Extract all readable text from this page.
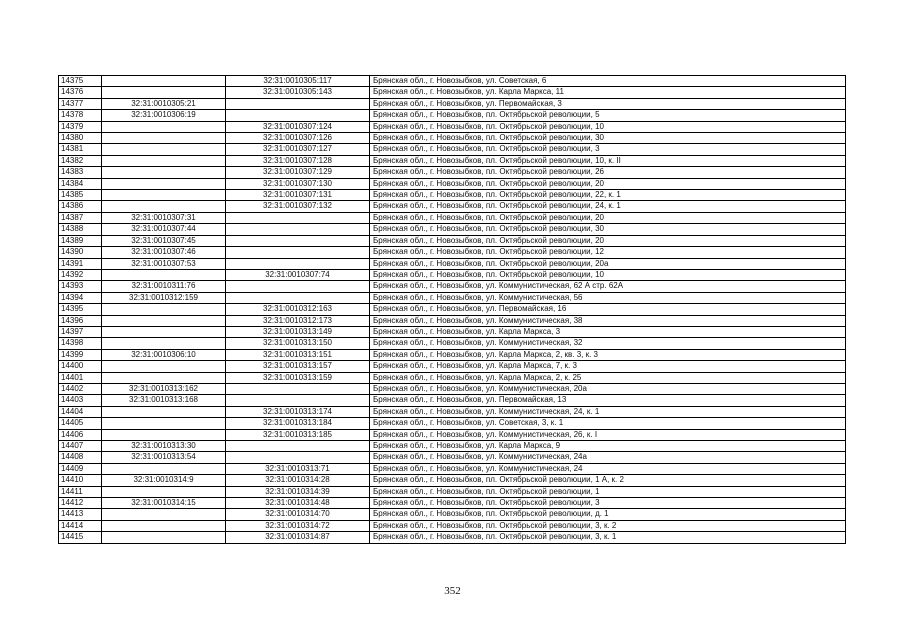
14375		32:31:0010305:117	Брянская обл., г. Новозыбков, ул. Советская, 6
14376		32:31:0010305:143	Брянская обл., г. Новозыбков, ул. Карла Маркса, 11
14377	32:31:0010305:21		Брянская обл., г. Новозыбков, ул. Первомайская, 3
14378	32:31:0010306:19		Брянская обл., г. Новозыбков, пл. Октябрьской революции, 5
14379		32:31:0010307:124	Брянская обл., г. Новозыбков, пл. Октябрьской революции, 10
14380		32:31:0010307:126	Брянская обл., г. Новозыбков, пл. Октябрьской революции, 30
14381		32:31:0010307:127	Брянская обл., г. Новозыбков, пл. Октябрьской революции, 3
14382		32:31:0010307:128	Брянская обл., г. Новозыбков, пл. Октябрьской революции, 10, к. II
14383		32:31:0010307:129	Брянская обл., г. Новозыбков, пл. Октябрьской революции, 26
14384		32:31:0010307:130	Брянская обл., г. Новозыбков, пл. Октябрьской революции, 20
14385		32:31:0010307:131	Брянская обл., г. Новозыбков, пл. Октябрьской революции, 22, к. 1
14386		32:31:0010307:132	Брянская обл., г. Новозыбков, пл. Октябрьской революции, 24, к. 1
14387	32:31:0010307:31		Брянская обл., г. Новозыбков, пл. Октябрьской революции, 20
14388	32:31:0010307:44		Брянская обл., г. Новозыбков, пл. Октябрьской революции, 30
14389	32:31:0010307:45		Брянская обл., г. Новозыбков, пл. Октябрьской революции, 20
14390	32:31:0010307:46		Брянская обл., г. Новозыбков, пл. Октябрьской революции, 12
14391	32:31:0010307:53		Брянская обл., г. Новозыбков, пл. Октябрьской революции, 20а
14392		32:31:0010307:74	Брянская обл., г. Новозыбков, пл. Октябрьской революции, 10
14393	32:31:0010311:76		Брянская обл., г. Новозыбков, ул. Коммунистическая, 62 А стр. 62А
14394	32:31:0010312:159		Брянская обл., г. Новозыбков, ул. Коммунистическая, 56
14395		32:31:0010312:163	Брянская обл., г. Новозыбков, ул. Первомайская, 16
14396		32:31:0010312:173	Брянская обл., г. Новозыбков, ул. Коммунистическая, 38
14397		32:31:0010313:149	Брянская обл., г. Новозыбков, ул. Карла Маркса, 3
14398		32:31:0010313:150	Брянская обл., г. Новозыбков, ул. Коммунистическая, 32
14399	32:31:0010306:10	32:31:0010313:151	Брянская обл., г. Новозыбков, ул. Карла Маркса, 2, кв. 3, к. 3
14400		32:31:0010313:157	Брянская обл., г. Новозыбков, ул. Карла Маркса, 7, к. 3
14401		32:31:0010313:159	Брянская обл., г. Новозыбков, ул. Карла Маркса, 2, к. 25
14402	32:31:0010313:162		Брянская обл., г. Новозыбков, ул. Коммунистическая, 20а
14403	32:31:0010313:168		Брянская обл., г. Новозыбков, ул. Первомайская, 13
14404		32:31:0010313:174	Брянская обл., г. Новозыбков, ул. Коммунистическая, 24, к. 1
14405		32:31:0010313:184	Брянская обл., г. Новозыбков, ул. Советская, 3, к. 1
14406		32:31:0010313:185	Брянская обл., г. Новозыбков, ул. Коммунистическая, 26, к. I
14407	32:31:0010313:30		Брянская обл., г. Новозыбков, ул. Карла Маркса, 9
14408	32:31:0010313:54		Брянская обл., г. Новозыбков, ул. Коммунистическая, 24а
14409		32:31:0010313:71	Брянская обл., г. Новозыбков, ул. Коммунистическая, 24
14410	32:31:0010314:9	32:31:0010314:28	Брянская обл., г. Новозыбков, пл. Октябрьской революции, 1 А, к. 2
14411		32:31:0010314:39	Брянская обл., г. Новозыбков, пл. Октябрьской революции, 1
14412	32:31:0010314:15	32:31:0010314:48	Брянская обл., г. Новозыбков, пл. Октябрьской революции, 3
14413		32:31:0010314:70	Брянская обл., г. Новозыбков, пл. Октябрьской революции, д. 1
14414		32:31:0010314:72	Брянская обл., г. Новозыбков, пл. Октябрьской революции, 3, к. 2
14415		32:31:0010314:87	Брянская обл., г. Новозыбков, пл. Октябрьской революции, 3, к. 1
352
